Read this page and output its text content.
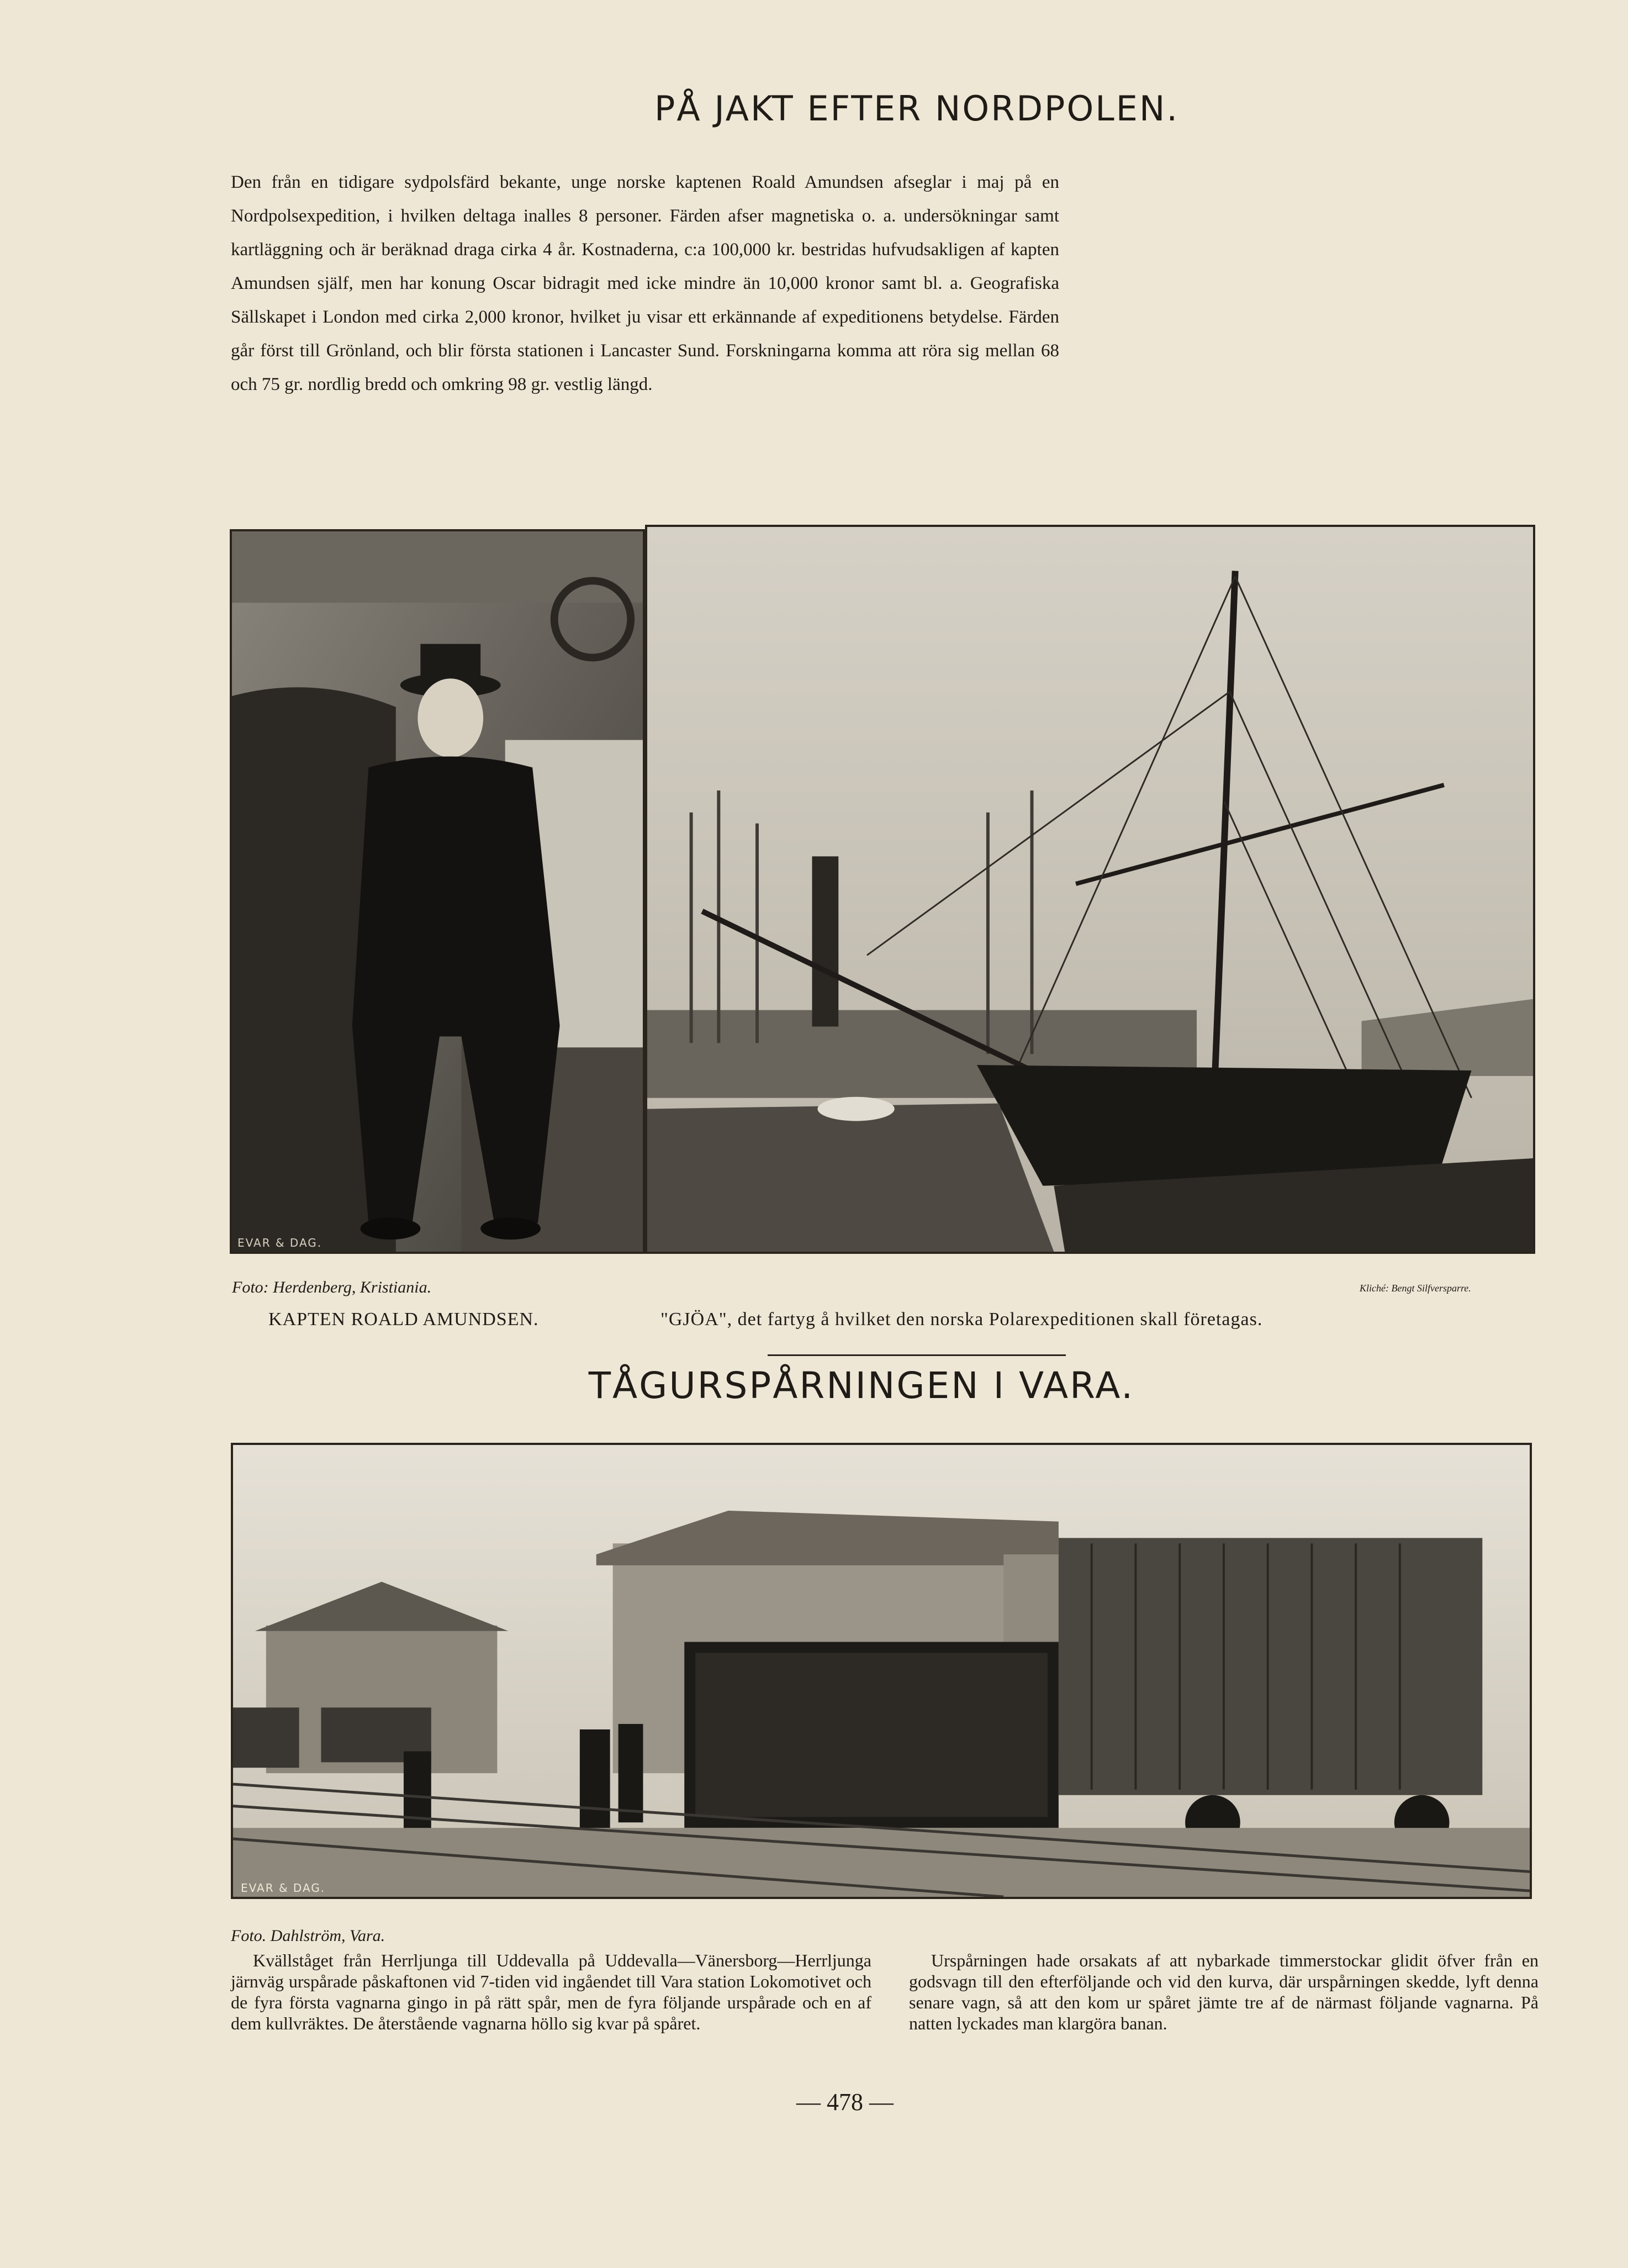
PÅ JAKT EFTER NORDPOLEN.

Den från en tidigare sydpolsfärd bekante, unge norske kaptenen Roald Amundsen afseglar i maj på en Nordpolsexpedition, i hvilken deltaga inalles 8 personer. Färden afser magnetiska o. a. undersökningar samt kartläggning och är beräknad draga cirka 4 år. Kostnaderna, c:a 100,000 kr. bestridas hufvudsakligen af kapten Amundsen själf, men har konung Oscar bidragit med icke mindre än 10,000 kronor samt bl. a. Geografiska Sällskapet i London med cirka 2,000 kronor, hvilket ju visar ett erkännande af expeditionens betydelse. Färden går först till Grönland, och blir första stationen i Lancaster Sund. Forskningarna komma att röra sig mellan 68 och 75 gr. nordlig bredd och omkring 98 gr. vestlig längd.

EVAR & DAG.
Foto: Herdenberg, Kristiania.	Kliché: Bengt Silfversparre.
KAPTEN ROALD AMUNDSEN.	"GJÖA", det fartyg å hvilket den norska Polarexpeditionen skall företagas.
TÅGURSPÅRNINGEN I VARA.
EVAR & DAG.
Foto. Dahlström, Vara.

Kvällståget från Herrljunga till Uddevalla på Uddevalla—Vänersborg—Herrljunga järnväg urspårade påskaftonen vid 7-tiden vid ingåendet till Vara station Lokomotivet och de fyra första vagnarna gingo in på rätt spår, men de fyra följande urspårade och en af dem kullvräktes. De återstående vagnarna höllo sig kvar på spåret.

Urspårningen hade orsakats af att nybarkade timmerstockar glidit öfver från en godsvagn till den efterföljande och vid den kurva, där urspårningen skedde, lyft denna senare vagn, så att den kom ur spåret jämte tre af de närmast följande vagnarna. På natten lyckades man klargöra banan.

— 478 —
